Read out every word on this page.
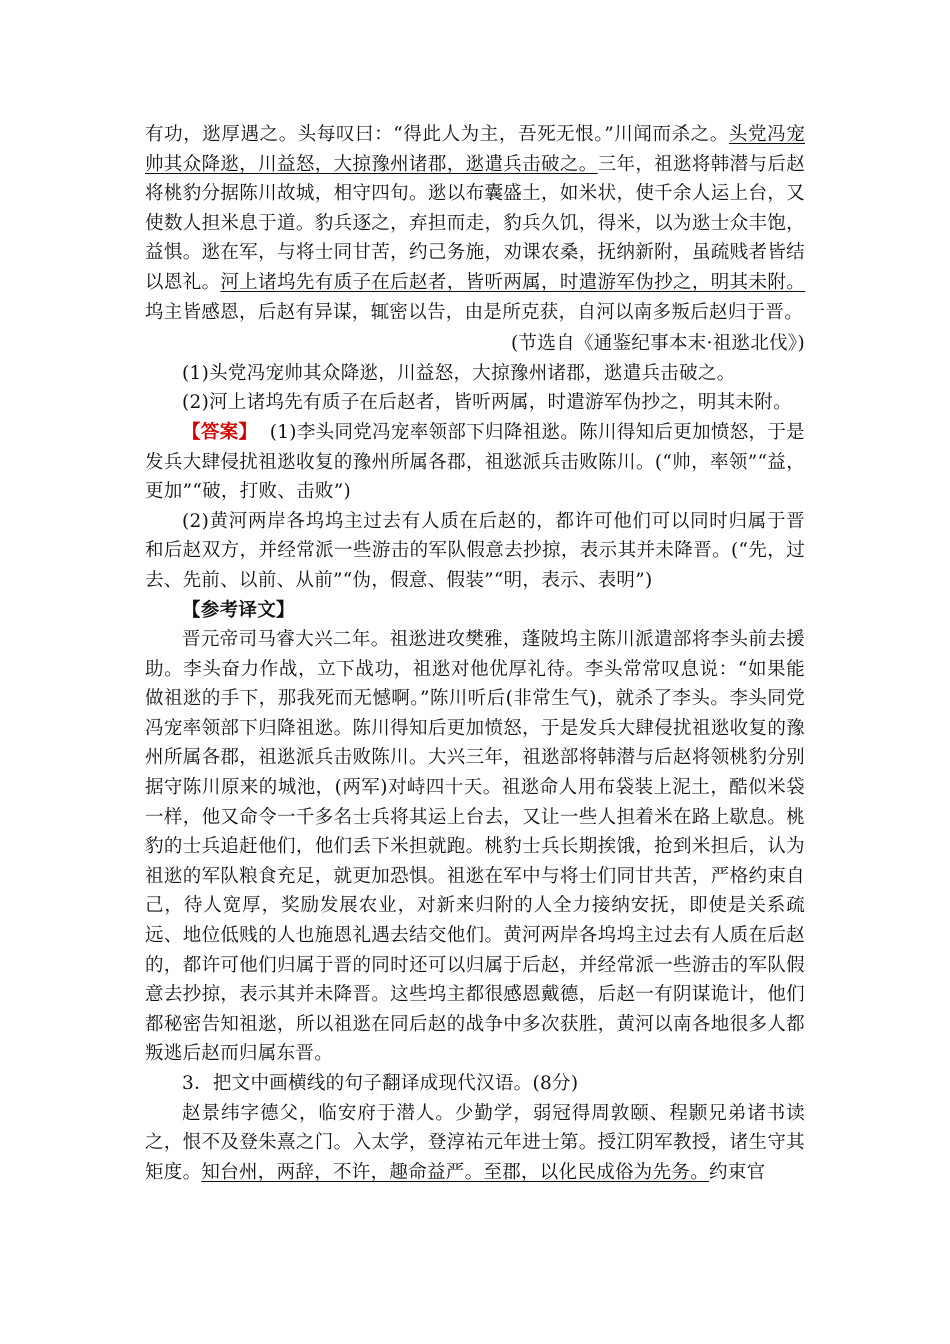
有功，逖厚遇之。头每叹曰：“得此人为主，吾死无恨。”川闻而杀之。头党冯宠帅其众降逖，川益怒，大掠豫州诸郡，逖遣兵击破之。三年，祖逖将韩潜与后赵将桃豹分据陈川故城，相守四旬。逖以布囊盛土，如米状，使千余人运上台，又使数人担米息于道。豹兵逐之，弃担而走，豹兵久饥，得米，以为逖士众丰饱，益惧。逖在军，与将士同甘苦，约己务施，劝课农桑，抚纳新附，虽疏贱者皆结以恩礼。河上诸坞先有质子在后赵者，皆听两属，时遣游军伪抄之，明其未附。坞主皆感恩，后赵有异谋，辄密以告，由是所克获，自河以南多叛后赵归于晋。

(节选自《通鉴纪事本末·祖逖北伐》)

(1)头党冯宠帅其众降逖，川益怒，大掠豫州诸郡，逖遣兵击破之。

(2)河上诸坞先有质子在后赵者，皆听两属，时遣游军伪抄之，明其未附。

【答案】 (1)李头同党冯宠率领部下归降祖逖。陈川得知后更加愤怒，于是发兵大肆侵扰祖逖收复的豫州所属各郡，祖逖派兵击败陈川。(“帅，率领”“益，更加”“破，打败、击败”)

(2)黄河两岸各坞坞主过去有人质在后赵的，都许可他们可以同时归属于晋和后赵双方，并经常派一些游击的军队假意去抄掠，表示其并未降晋。(“先，过去、先前、以前、从前”“伪，假意、假装”“明，表示、表明”)

【参考译文】

晋元帝司马睿大兴二年。祖逖进攻樊雅，蓬陂坞主陈川派遣部将李头前去援助。李头奋力作战，立下战功，祖逖对他优厚礼待。李头常常叹息说：“如果能做祖逖的手下，那我死而无憾啊。”陈川听后(非常生气)，就杀了李头。李头同党冯宠率领部下归降祖逖。陈川得知后更加愤怒，于是发兵大肆侵扰祖逖收复的豫州所属各郡，祖逖派兵击败陈川。大兴三年，祖逖部将韩潜与后赵将领桃豹分别据守陈川原来的城池，(两军)对峙四十天。祖逖命人用布袋装上泥土，酷似米袋一样，他又命令一千多名士兵将其运上台去，又让一些人担着米在路上歇息。桃豹的士兵追赶他们，他们丢下米担就跑。桃豹士兵长期挨饿，抢到米担后，认为祖逖的军队粮食充足，就更加恐惧。祖逖在军中与将士们同甘共苦，严格约束自己，待人宽厚，奖励发展农业，对新来归附的人全力接纳安抚，即使是关系疏远、地位低贱的人也施恩礼遇去结交他们。黄河两岸各坞坞主过去有人质在后赵的，都许可他们归属于晋的同时还可以归属于后赵，并经常派一些游击的军队假意去抄掠，表示其并未降晋。这些坞主都很感恩戴德，后赵一有阴谋诡计，他们都秘密告知祖逖，所以祖逖在同后赵的战争中多次获胜，黄河以南各地很多人都叛逃后赵而归属东晋。

3．把文中画横线的句子翻译成现代汉语。(8分)

赵景纬字德父，临安府于潜人。少勤学，弱冠得周敦颐、程颢兄弟诸书读之，恨不及登朱熹之门。入太学，登淳祐元年进士第。授江阴军教授，诸生守其矩度。知台州，两辞，不许，趣命益严。至郡，以化民成俗为先务。约束官
